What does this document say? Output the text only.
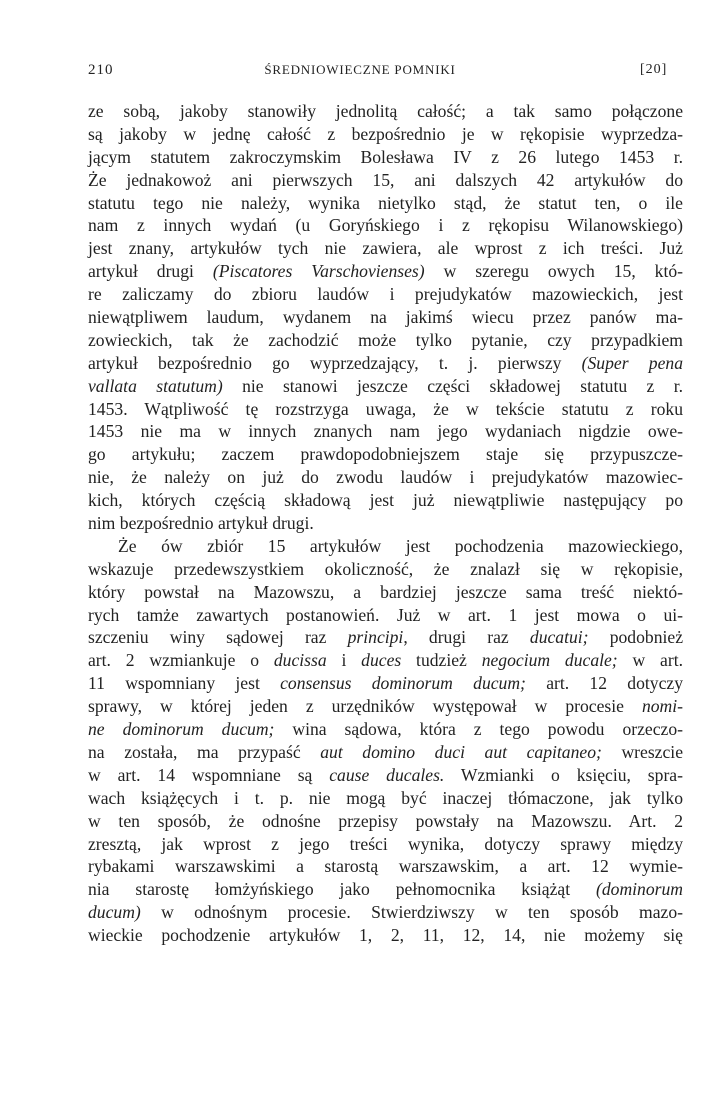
210	ŚREDNIOWIECZNE POMNIKI	[20]
ze sobą, jakoby stanowiły jednolitą całość; a tak samo połączone
są jakoby w jednę całość z bezpośrednio je w rękopisie wyprzedza-
jącym statutem zakroczymskim Bolesława IV z 26 lutego 1453 r.
Że jednakowoż ani pierwszych 15, ani dalszych 42 artykułów do
statutu tego nie należy, wynika nietylko stąd, że statut ten, o ile
nam z innych wydań (u Goryńskiego i z rękopisu Wilanowskiego)
jest znany, artykułów tych nie zawiera, ale wprost z ich treści. Już
artykuł drugi (Piscatores Varschovienses) w szeregu owych 15, któ-
re zaliczamy do zbioru laudów i prejudykatów mazowieckich, jest
niewątpliwem laudum, wydanem na jakimś wiecu przez panów ma-
zowieckich, tak że zachodzić może tylko pytanie, czy przypadkiem
artykuł bezpośrednio go wyprzedzający, t. j. pierwszy (Super pena
vallata statutum) nie stanowi jeszcze części składowej statutu z r.
1453. Wątpliwość tę rozstrzyga uwaga, że w tekście statutu z roku
1453 nie ma w innych znanych nam jego wydaniach nigdzie owe-
go artykułu; zaczem prawdopodobniejszem staje się przypuszcze-
nie, że należy on już do zwodu laudów i prejudykatów mazowiec-
kich, których częścią składową jest już niewątpliwie następujący po
nim bezpośrednio artykuł drugi.
Że ów zbiór 15 artykułów jest pochodzenia mazowieckiego,
wskazuje przedewszystkiem okoliczność, że znalazł się w rękopisie,
który powstał na Mazowszu, a bardziej jeszcze sama treść niektó-
rych tamże zawartych postanowień. Już w art. 1 jest mowa o ui-
szczeniu winy sądowej raz principi, drugi raz ducatui; podobnież
art. 2 wzmiankuje o ducissa i duces tudzież negocium ducale; w art.
11 wspomniany jest consensus dominorum ducum; art. 12 dotyczy
sprawy, w której jeden z urzędników występował w procesie nomi-
ne dominorum ducum; wina sądowa, która z tego powodu orzeczo-
na została, ma przypaść aut domino duci aut capitaneo; wreszcie
w art. 14 wspomniane są cause ducales. Wzmianki o księciu, spra-
wach książęcych i t. p. nie mogą być inaczej tłómaczone, jak tylko
w ten sposób, że odnośne przepisy powstały na Mazowszu. Art. 2
zresztą, jak wprost z jego treści wynika, dotyczy sprawy między
rybakami warszawskimi a starostą warszawskim, a art. 12 wymie-
nia starostę łomżyńskiego jako pełnomocnika książąt (dominorum
ducum) w odnośnym procesie. Stwierdziwszy w ten sposób mazo-
wieckie pochodzenie artykułów 1, 2, 11, 12, 14, nie możemy się
